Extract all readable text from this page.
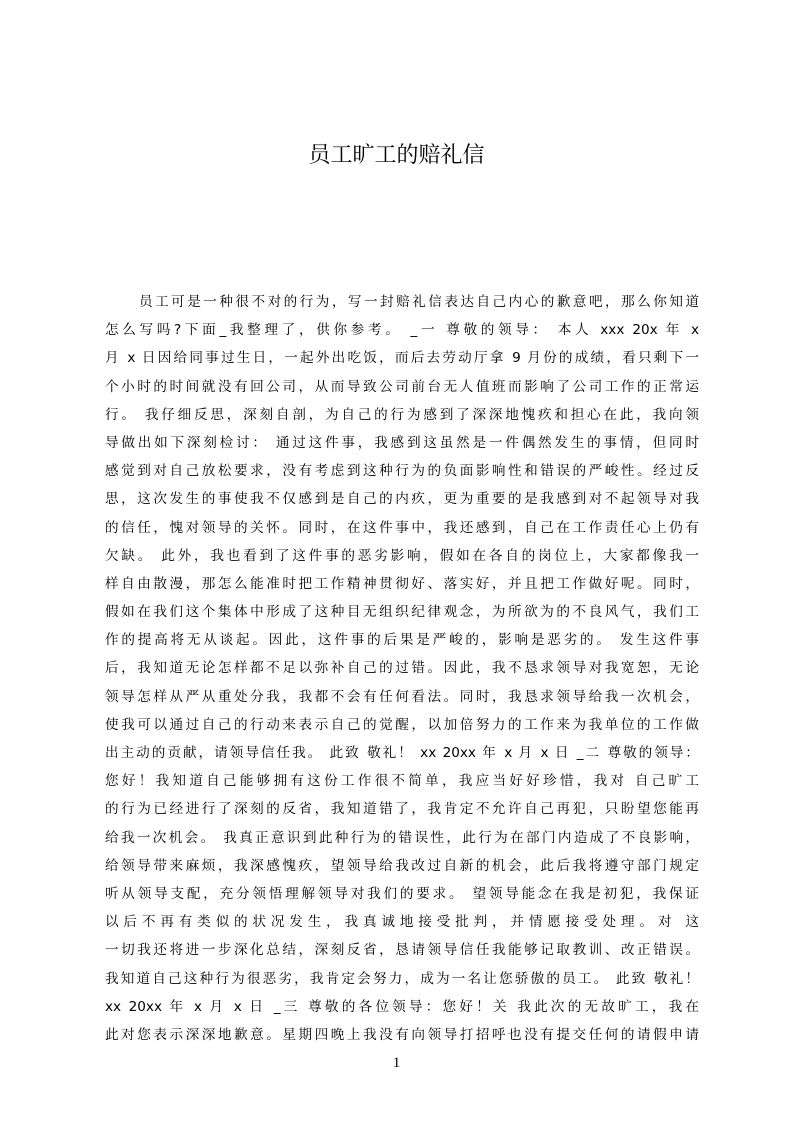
员工旷工的赔礼信
员工可是一种很不对的行为，写一封赔礼信表达自己内心的歉意吧，那么你知道
怎么写吗?下面_我整理了，供你参考。 _一 尊敬的领导： 本人 xxx 20x 年 x
月 x 日因给同事过生日，一起外出吃饭，而后去劳动厅拿 9 月份的成绩，看只剩下一
个小时的时间就没有回公司，从而导致公司前台无人值班而影响了公司工作的正常运
行。 我仔细反思，深刻自剖，为自己的行为感到了深深地愧疚和担心在此，我向领
导做出如下深刻检讨： 通过这件事，我感到这虽然是一件偶然发生的事情，但同时
感觉到对自己放松要求，没有考虑到这种行为的负面影响性和错误的严峻性。经过反
思，这次发生的事使我不仅感到是自己的内疚，更为重要的是我感到对不起领导对我
的信任，愧对领导的关怀。同时，在这件事中，我还感到，自己在工作责任心上仍有
欠缺。 此外，我也看到了这件事的恶劣影响，假如在各自的岗位上，大家都像我一
样自由散漫，那怎么能准时把工作精神贯彻好、落实好，并且把工作做好呢。同时，
假如在我们这个集体中形成了这种目无组织纪律观念，为所欲为的不良风气，我们工
作的提高将无从谈起。因此，这件事的后果是严峻的，影响是恶劣的。 发生这件事
后，我知道无论怎样都不足以弥补自己的过错。因此，我不恳求领导对我宽恕，无论
领导怎样从严从重处分我，我都不会有任何看法。同时，我恳求领导给我一次机会，
使我可以通过自己的行动来表示自己的觉醒，以加倍努力的工作来为我单位的工作做
出主动的贡献，请领导信任我。 此致 敬礼！ xx 20xx 年 x 月 x 日 _二 尊敬的领导：
您好！我知道自己能够拥有这份工作很不简单，我应当好好珍惜，我对 自己旷工
的行为已经进行了深刻的反省，我知道错了，我肯定不允许自己再犯，只盼望您能再
给我一次机会。 我真正意识到此种行为的错误性，此行为在部门内造成了不良影响，
给领导带来麻烦，我深感愧疚，望领导给我改过自新的机会，此后我将遵守部门规定
听从领导支配，充分领悟理解领导对我们的要求。 望领导能念在我是初犯，我保证
以后不再有类似的状况发生，我真诚地接受批判，并情愿接受处理。对 这
一切我还将进一步深化总结，深刻反省，恳请领导信任我能够记取教训、改正错误。
我知道自己这种行为很恶劣，我肯定会努力，成为一名让您骄傲的员工。 此致 敬礼！
xx 20xx 年 x 月 x 日 _三 尊敬的各位领导：您好！关 我此次的无故旷工，我在
此对您表示深深地歉意。星期四晚上我没有向领导打招呼也没有提交任何的请假申请
1
